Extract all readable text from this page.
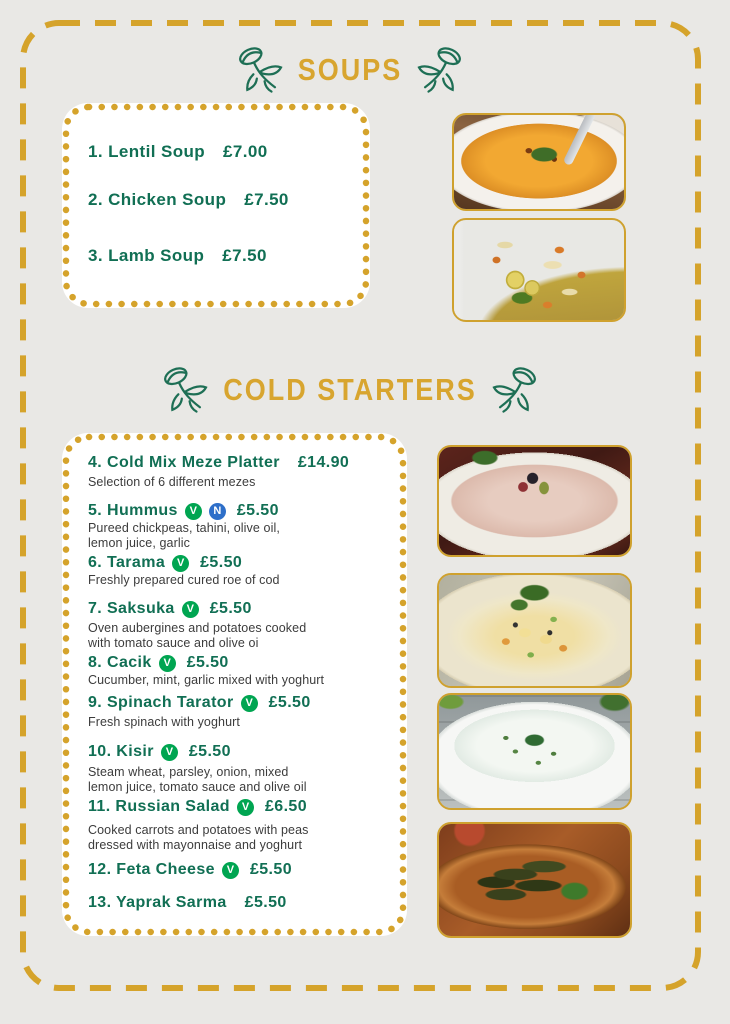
SOUPS
1. Lentil Soup £7.00
2. Chicken Soup £7.50
3. Lamb Soup £7.50
COLD STARTERS
4. Cold Mix Meze Platter £14.90
Selection of 6 different mezes
5. Hummus	V	N £5.50
Pureed chickpeas, tahini, olive oil,
lemon juice, garlic
6. Tarama	V £5.50
Freshly prepared cured roe of cod
7. Saksuka	V £5.50
Oven aubergines and potatoes cooked
with tomato sauce and olive oi
8. Cacik	V £5.50
Cucumber, mint, garlic mixed with yoghurt
9. Spinach Tarator	V £5.50
Fresh spinach with yoghurt
10. Kisir	V £5.50
Steam wheat, parsley, onion, mixed
lemon juice, tomato sauce and olive oil
11. Russian Salad	V £6.50
Cooked carrots and potatoes with peas
dressed with mayonnaise and yoghurt
12. Feta Cheese	V £5.50
13. Yaprak Sarma £5.50
